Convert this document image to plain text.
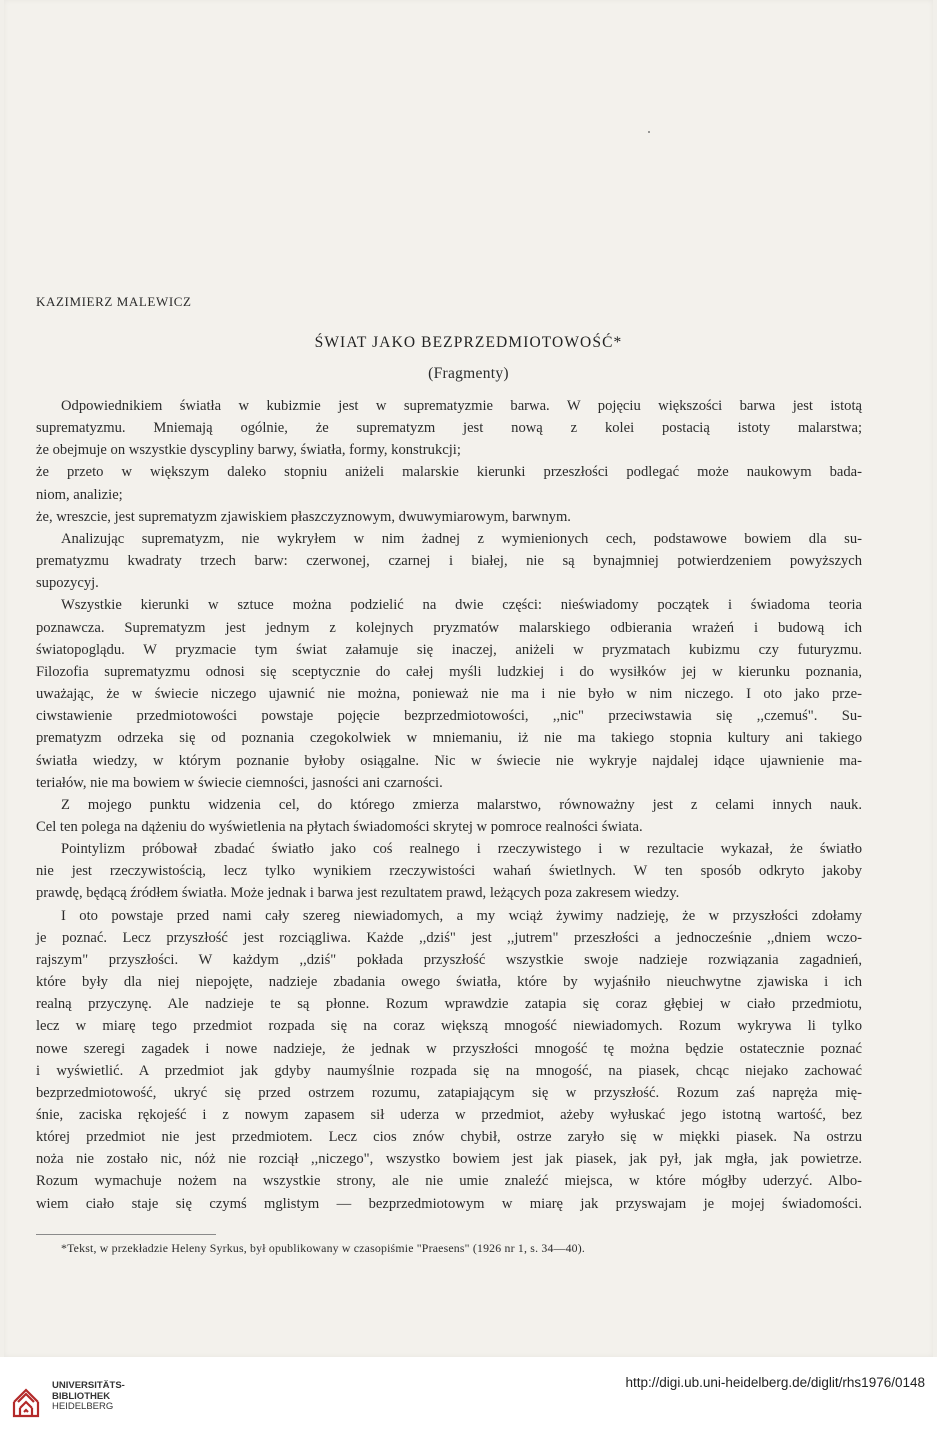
KAZIMIERZ MALEWICZ
ŚWIAT JAKO BEZPRZEDMIOTOWOŚĆ*
(Fragmenty)
Odpowiednikiem światła w kubizmie jest w suprematyzmie barwa. W pojęciu większości barwa jest istotą
suprematyzmu. Mniemają ogólnie, że suprematyzm jest nową z kolei postacią istoty malarstwa;
że obejmuje on wszystkie dyscypliny barwy, światła, formy, konstrukcji;
że przeto w większym daleko stopniu aniżeli malarskie kierunki przeszłości podlegać może naukowym bada-
niom, analizie;
że, wreszcie, jest suprematyzm zjawiskiem płaszczyznowym, dwuwymiarowym, barwnym.
Analizując suprematyzm, nie wykryłem w nim żadnej z wymienionych cech, podstawowe bowiem dla su-
prematyzmu kwadraty trzech barw: czerwonej, czarnej i białej, nie są bynajmniej potwierdzeniem powyższych
supozycyj.
Wszystkie kierunki w sztuce można podzielić na dwie części: nieświadomy początek i świadoma teoria
poznawcza. Suprematyzm jest jednym z kolejnych pryzmatów malarskiego odbierania wrażeń i budową ich
światopoglądu. W pryzmacie tym świat załamuje się inaczej, aniżeli w pryzmatach kubizmu czy futuryzmu.
Filozofia suprematyzmu odnosi się sceptycznie do całej myśli ludzkiej i do wysiłków jej w kierunku poznania,
uważając, że w świecie niczego ujawnić nie można, ponieważ nie ma i nie było w nim niczego. I oto jako prze-
ciwstawienie przedmiotowości powstaje pojęcie bezprzedmiotowości, ,,nic" przeciwstawia się ,,czemuś". Su-
prematyzm odrzeka się od poznania czegokolwiek w mniemaniu, iż nie ma takiego stopnia kultury ani takiego
światła wiedzy, w którym poznanie byłoby osiągalne. Nic w świecie nie wykryje najdalej idące ujawnienie ma-
teriałów, nie ma bowiem w świecie ciemności, jasności ani czarności.
Z mojego punktu widzenia cel, do którego zmierza malarstwo, równoważny jest z celami innych nauk.
Cel ten polega na dążeniu do wyświetlenia na płytach świadomości skrytej w pomroce realności świata.
Pointylizm próbował zbadać światło jako coś realnego i rzeczywistego i w rezultacie wykazał, że światło
nie jest rzeczywistością, lecz tylko wynikiem rzeczywistości wahań świetlnych. W ten sposób odkryto jakoby
prawdę, będącą źródłem światła. Może jednak i barwa jest rezultatem prawd, leżących poza zakresem wiedzy.
I oto powstaje przed nami cały szereg niewiadomych, a my wciąż żywimy nadzieję, że w przyszłości zdołamy
je poznać. Lecz przyszłość jest rozciągliwa. Każde ,,dziś" jest ,,jutrem" przeszłości a jednocześnie ,,dniem wczo-
rajszym" przyszłości. W każdym ,,dziś" pokłada przyszłość wszystkie swoje nadzieje rozwiązania zagadnień,
które były dla niej niepojęte, nadzieje zbadania owego światła, które by wyjaśniło nieuchwytne zjawiska i ich
realną przyczynę. Ale nadzieje te są płonne. Rozum wprawdzie zatapia się coraz głębiej w ciało przedmiotu,
lecz w miarę tego przedmiot rozpada się na coraz większą mnogość niewiadomych. Rozum wykrywa li tylko
nowe szeregi zagadek i nowe nadzieje, że jednak w przyszłości mnogość tę można będzie ostatecznie poznać
i wyświetlić. A przedmiot jak gdyby naumyślnie rozpada się na mnogość, na piasek, chcąc niejako zachować
bezprzedmiotowość, ukryć się przed ostrzem rozumu, zatapiającym się w przyszłość. Rozum zaś napręża mię-
śnie, zaciska rękojeść i z nowym zapasem sił uderza w przedmiot, ażeby wyłuskać jego istotną wartość, bez
której przedmiot nie jest przedmiotem. Lecz cios znów chybił, ostrze zaryło się w miękki piasek. Na ostrzu
noża nie zostało nic, nóż nie rozciął ,,niczego", wszystko bowiem jest jak piasek, jak pył, jak mgła, jak powietrze.
Rozum wymachuje nożem na wszystkie strony, ale nie umie znaleźć miejsca, w które mógłby uderzyć. Albo-
wiem ciało staje się czymś mglistym — bezprzedmiotowym w miarę jak przyswajam je mojej świadomości.
*Tekst, w przekładzie Heleny Syrkus, był opublikowany w czasopiśmie "Praesens" (1926 nr 1, s. 34—40).
UNIVERSITÄTS-
BIBLIOTHEK
HEIDELBERG
http://digi.ub.uni-heidelberg.de/diglit/rhs1976/0148
